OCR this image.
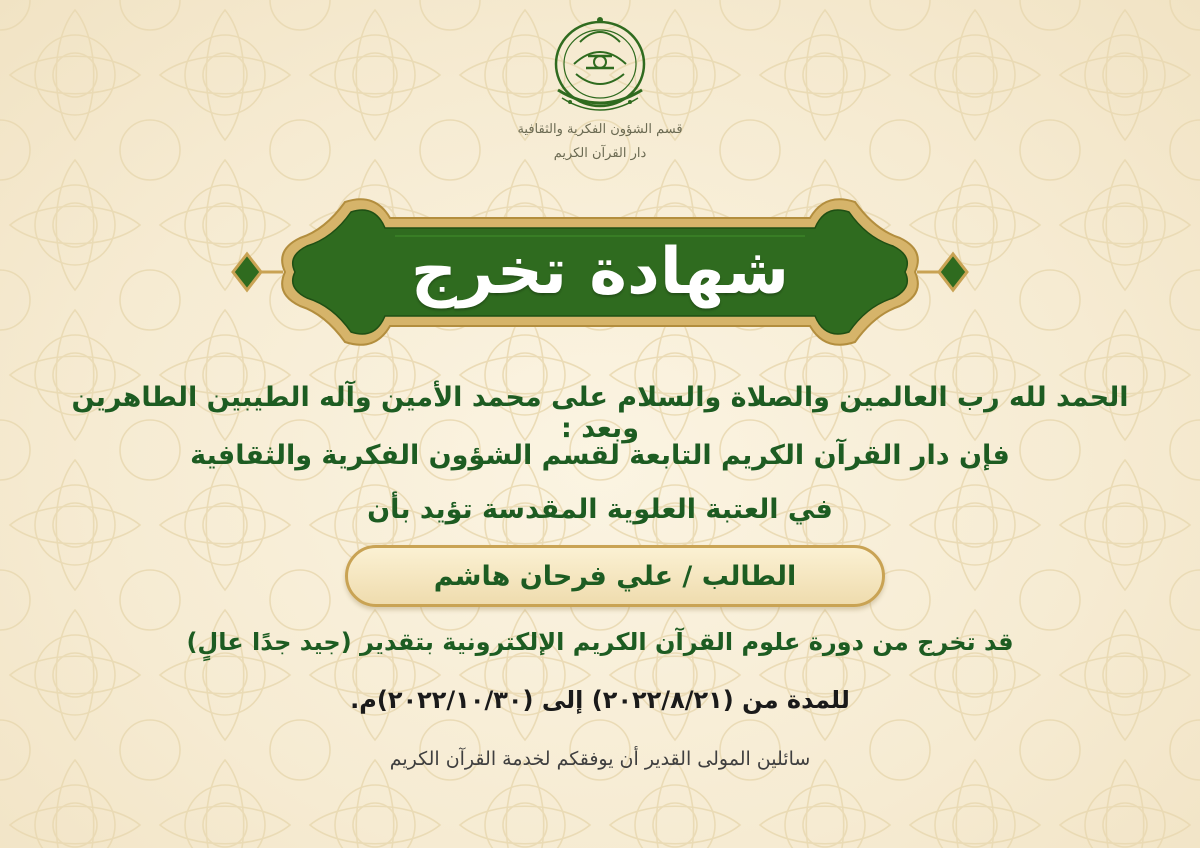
قسم الشؤون الفكرية والثقافية
دار القرآن الكريم
شهادة تخرج
الحمد لله رب العالمين والصلاة والسلام على محمد الأمين وآله الطيبين الطاهرين وبعد :
فإن دار القرآن الكريم التابعة لقسم الشؤون الفكرية والثقافية
في العتبة العلوية المقدسة تؤيد بأن
الطالب / علي فرحان هاشم
قد تخرج من دورة علوم القرآن الكريم الإلكترونية بتقدير (جيد جدًا عالٍ)
للمدة من (٢٠٢٢/٨/٢١) إلى (٢٠٢٢/١٠/٣٠)م.
سائلين المولى القدير أن يوفقكم لخدمة القرآن الكريم
